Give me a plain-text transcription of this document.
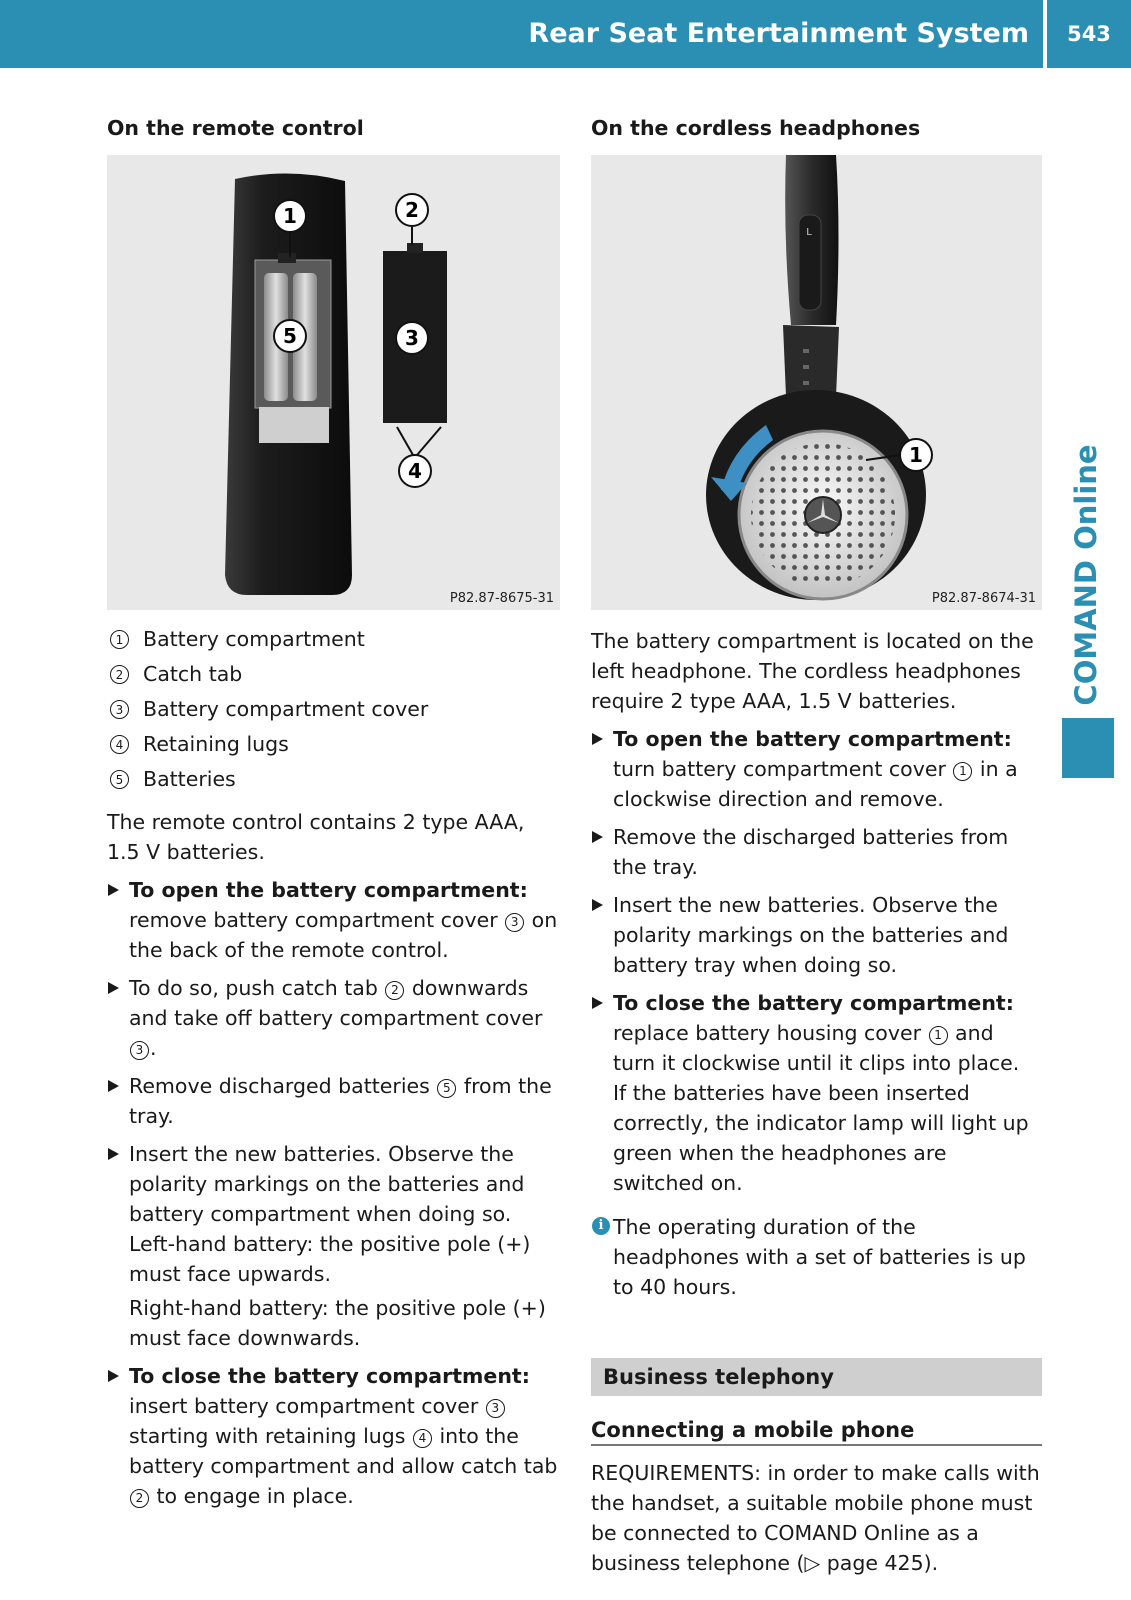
Rear Seat Entertainment System	543
COMAND Online
On the remote control
1	2
5	3
4
P82.87-8675-31
1 Battery compartment
2 Catch tab
3 Battery compartment cover
4 Retaining lugs
5 Batteries

The remote control contains 2 type AAA, 1.5 V batteries.

To open the battery compartment:
remove battery compartment cover 3 on the back of the remote control.
To do so, push catch tab 2 downwards and take off battery compartment cover 3 .
Remove discharged batteries 5 from the tray.
Insert the new batteries. Observe the polarity markings on the batteries and battery compartment when doing so.
Left-hand battery: the positive pole (+) must face upwards.
Right-hand battery: the positive pole (+) must face downwards.
To close the battery compartment:
insert battery compartment cover 3 starting with retaining lugs 4 into the battery compartment and allow catch tab 2 to engage in place.
On the cordless headphones
L
1
P82.87-8674-31

The battery compartment is located on the left headphone. The cordless headphones require 2 type AAA, 1.5 V batteries.

To open the battery compartment: turn battery compartment cover 1 in a clockwise direction and remove.
Remove the discharged batteries from the tray.
Insert the new batteries. Observe the polarity markings on the batteries and battery tray when doing so.
To close the battery compartment:
replace battery housing cover 1 and turn it clockwise until it clips into place.
If the batteries have been inserted correctly, the indicator lamp will light up green when the headphones are switched on.
i The operating duration of the headphones with a set of batteries is up to 40 hours.
Business telephony
Connecting a mobile phone

REQUIREMENTS: in order to make calls with the handset, a suitable mobile phone must be connected to COMAND Online as a business telephone (▷ page 425).
